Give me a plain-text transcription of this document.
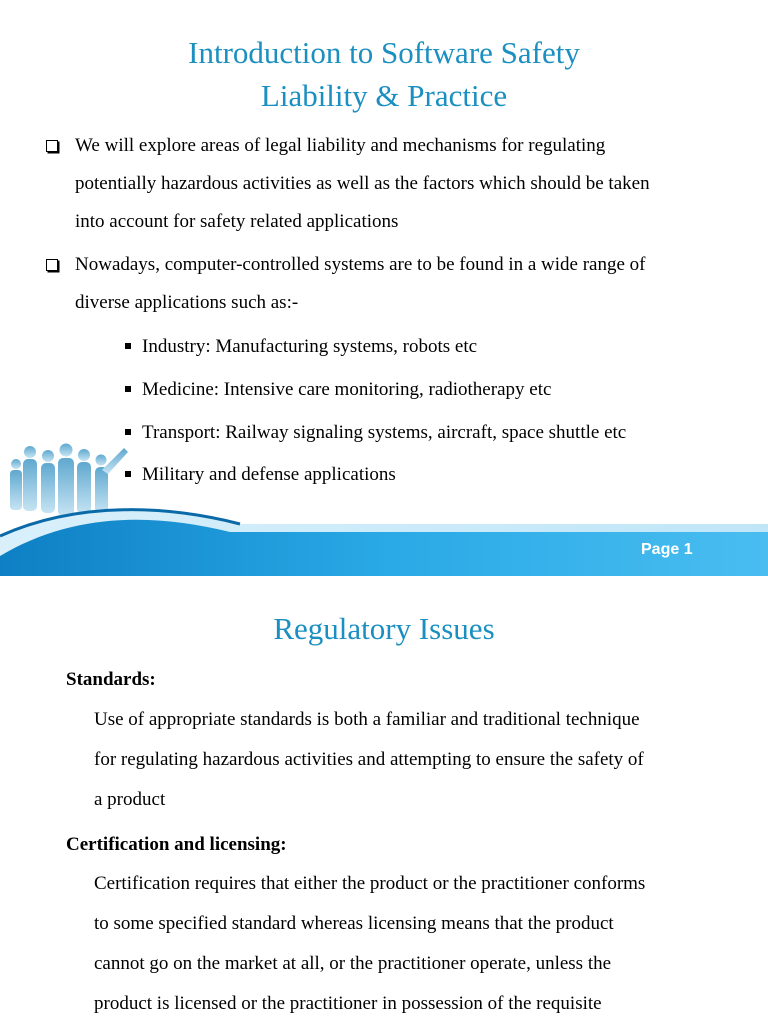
Introduction to Software Safety
Liability & Practice
We will explore areas of legal liability and mechanisms for regulating
potentially hazardous activities as well as the factors which should be taken
into account for safety related applications
Nowadays, computer-controlled systems are to be found in a wide range of
diverse applications such as:-
Industry: Manufacturing systems, robots etc
Medicine: Intensive care monitoring, radiotherapy etc
Transport: Railway signaling systems, aircraft, space shuttle etc
Military and defense applications
Page 1
Regulatory Issues
Standards:
Use of appropriate standards is both a familiar and traditional technique
for regulating hazardous activities and attempting to ensure the safety of
a product
Certification and licensing:
Certification requires that either the product or the practitioner conforms
to some specified standard whereas licensing means that the product
cannot go on the market at all, or the practitioner operate, unless the
product is licensed or the practitioner in possession of the requisite
